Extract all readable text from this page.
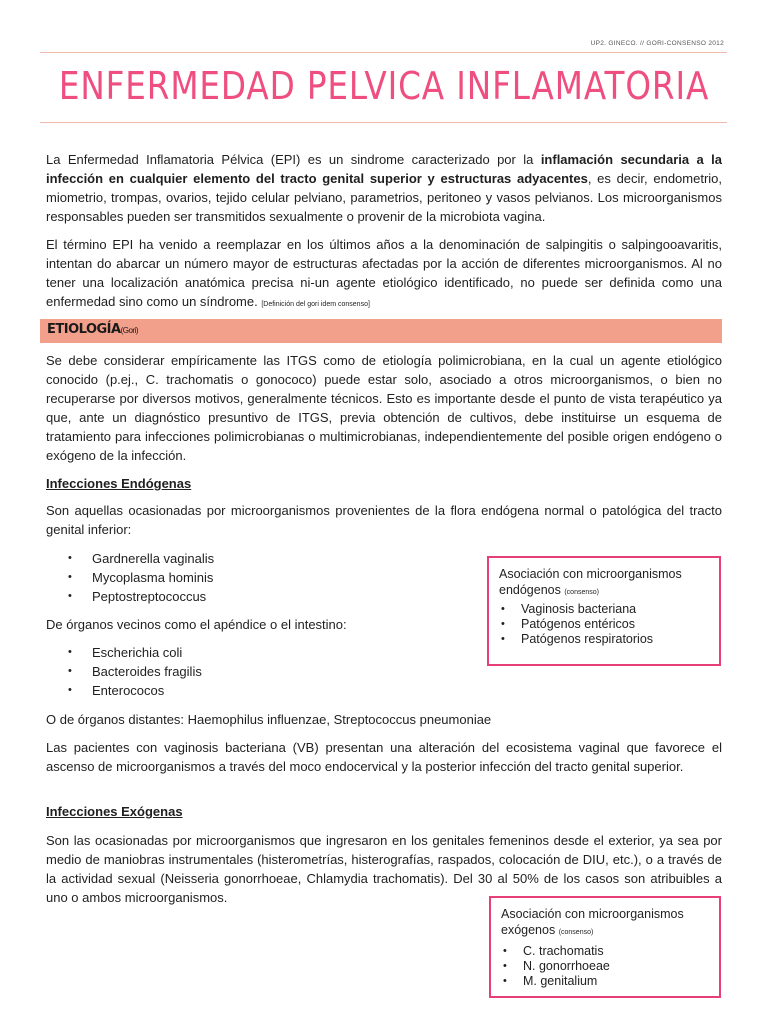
UP2. GINECO. // GORI-CONSENSO 2012
ENFERMEDAD PELVICA INFLAMATORIA

La Enfermedad Inflamatoria Pélvica (EPI) es un sindrome caracterizado por la inflamación secundaria a la infección en cualquier elemento del tracto genital superior y estructuras adyacentes, es decir, endometrio, miometrio, trompas, ovarios, tejido celular pelviano, parametrios, peritoneo y vasos pelvianos. Los microorganismos responsables pueden ser transmitidos sexualmente o provenir de la microbiota vagina.

El término EPI ha venido a reemplazar en los últimos años a la denominación de salpingitis o salpingooavaritis, intentan do abarcar un número mayor de estructuras afectadas por la acción de diferentes microorganismos. Al no tener una localización anatómica precisa ni-un agente etiológico identificado, no puede ser definida como una enfermedad sino como un síndrome. [Definición del gori idem consenso]

ETIOLOGÍA(Gori)

Se debe considerar empíricamente las ITGS como de etiología polimicrobiana, en la cual un agente etiológico conocido (p.ej., C. trachomatis o gonococo) puede estar solo, asociado a otros microorganismos, o bien no recuperarse por diversos motivos, generalmente técnicos. Esto es importante desde el punto de vista terapéutico ya que, ante un diagnóstico presuntivo de ITGS, previa obtención de cultivos, debe instituirse un esquema de tratamiento para infecciones polimicrobianas o multimicrobianas, independientemente del posible origen endógeno o exógeno de la infección.

Infecciones Endógenas

Son aquellas ocasionadas por microorganismos provenientes de la flora endógena normal o patológica del tracto genital inferior:

• Gardnerella vaginalis
• Mycoplasma hominis
• Peptostreptococcus

De órganos vecinos como el apéndice o el intestino:

• Escherichia coli
• Bacteroides fragilis
• Enterococos

O de órganos distantes: Haemophilus influenzae, Streptococcus pneumoniae

Las pacientes con vaginosis bacteriana (VB) presentan una alteración del ecosistema vaginal que favorece el ascenso de microorganismos a través del moco endocervical y la posterior infección del tracto genital superior.

Asociación con microorganismos
endógenos (consenso)

• Vaginosis bacteriana
• Patógenos entéricos
• Patógenos respiratorios

Infecciones Exógenas

Son las ocasionadas por microorganismos que ingresaron en los genitales femeninos desde el exterior, ya sea por medio de maniobras instrumentales (histerometrías, histerografías, raspados, colocación de DIU, etc.), o a través de la actividad sexual (Neisseria gonorrhoeae, Chlamydia trachomatis). Del 30 al 50% de los casos son atribuibles a uno o ambos microorganismos.

Asociación con microorganismos
exógenos (consenso)

• C. trachomatis
• N. gonorrhoeae
• M. genitalium
